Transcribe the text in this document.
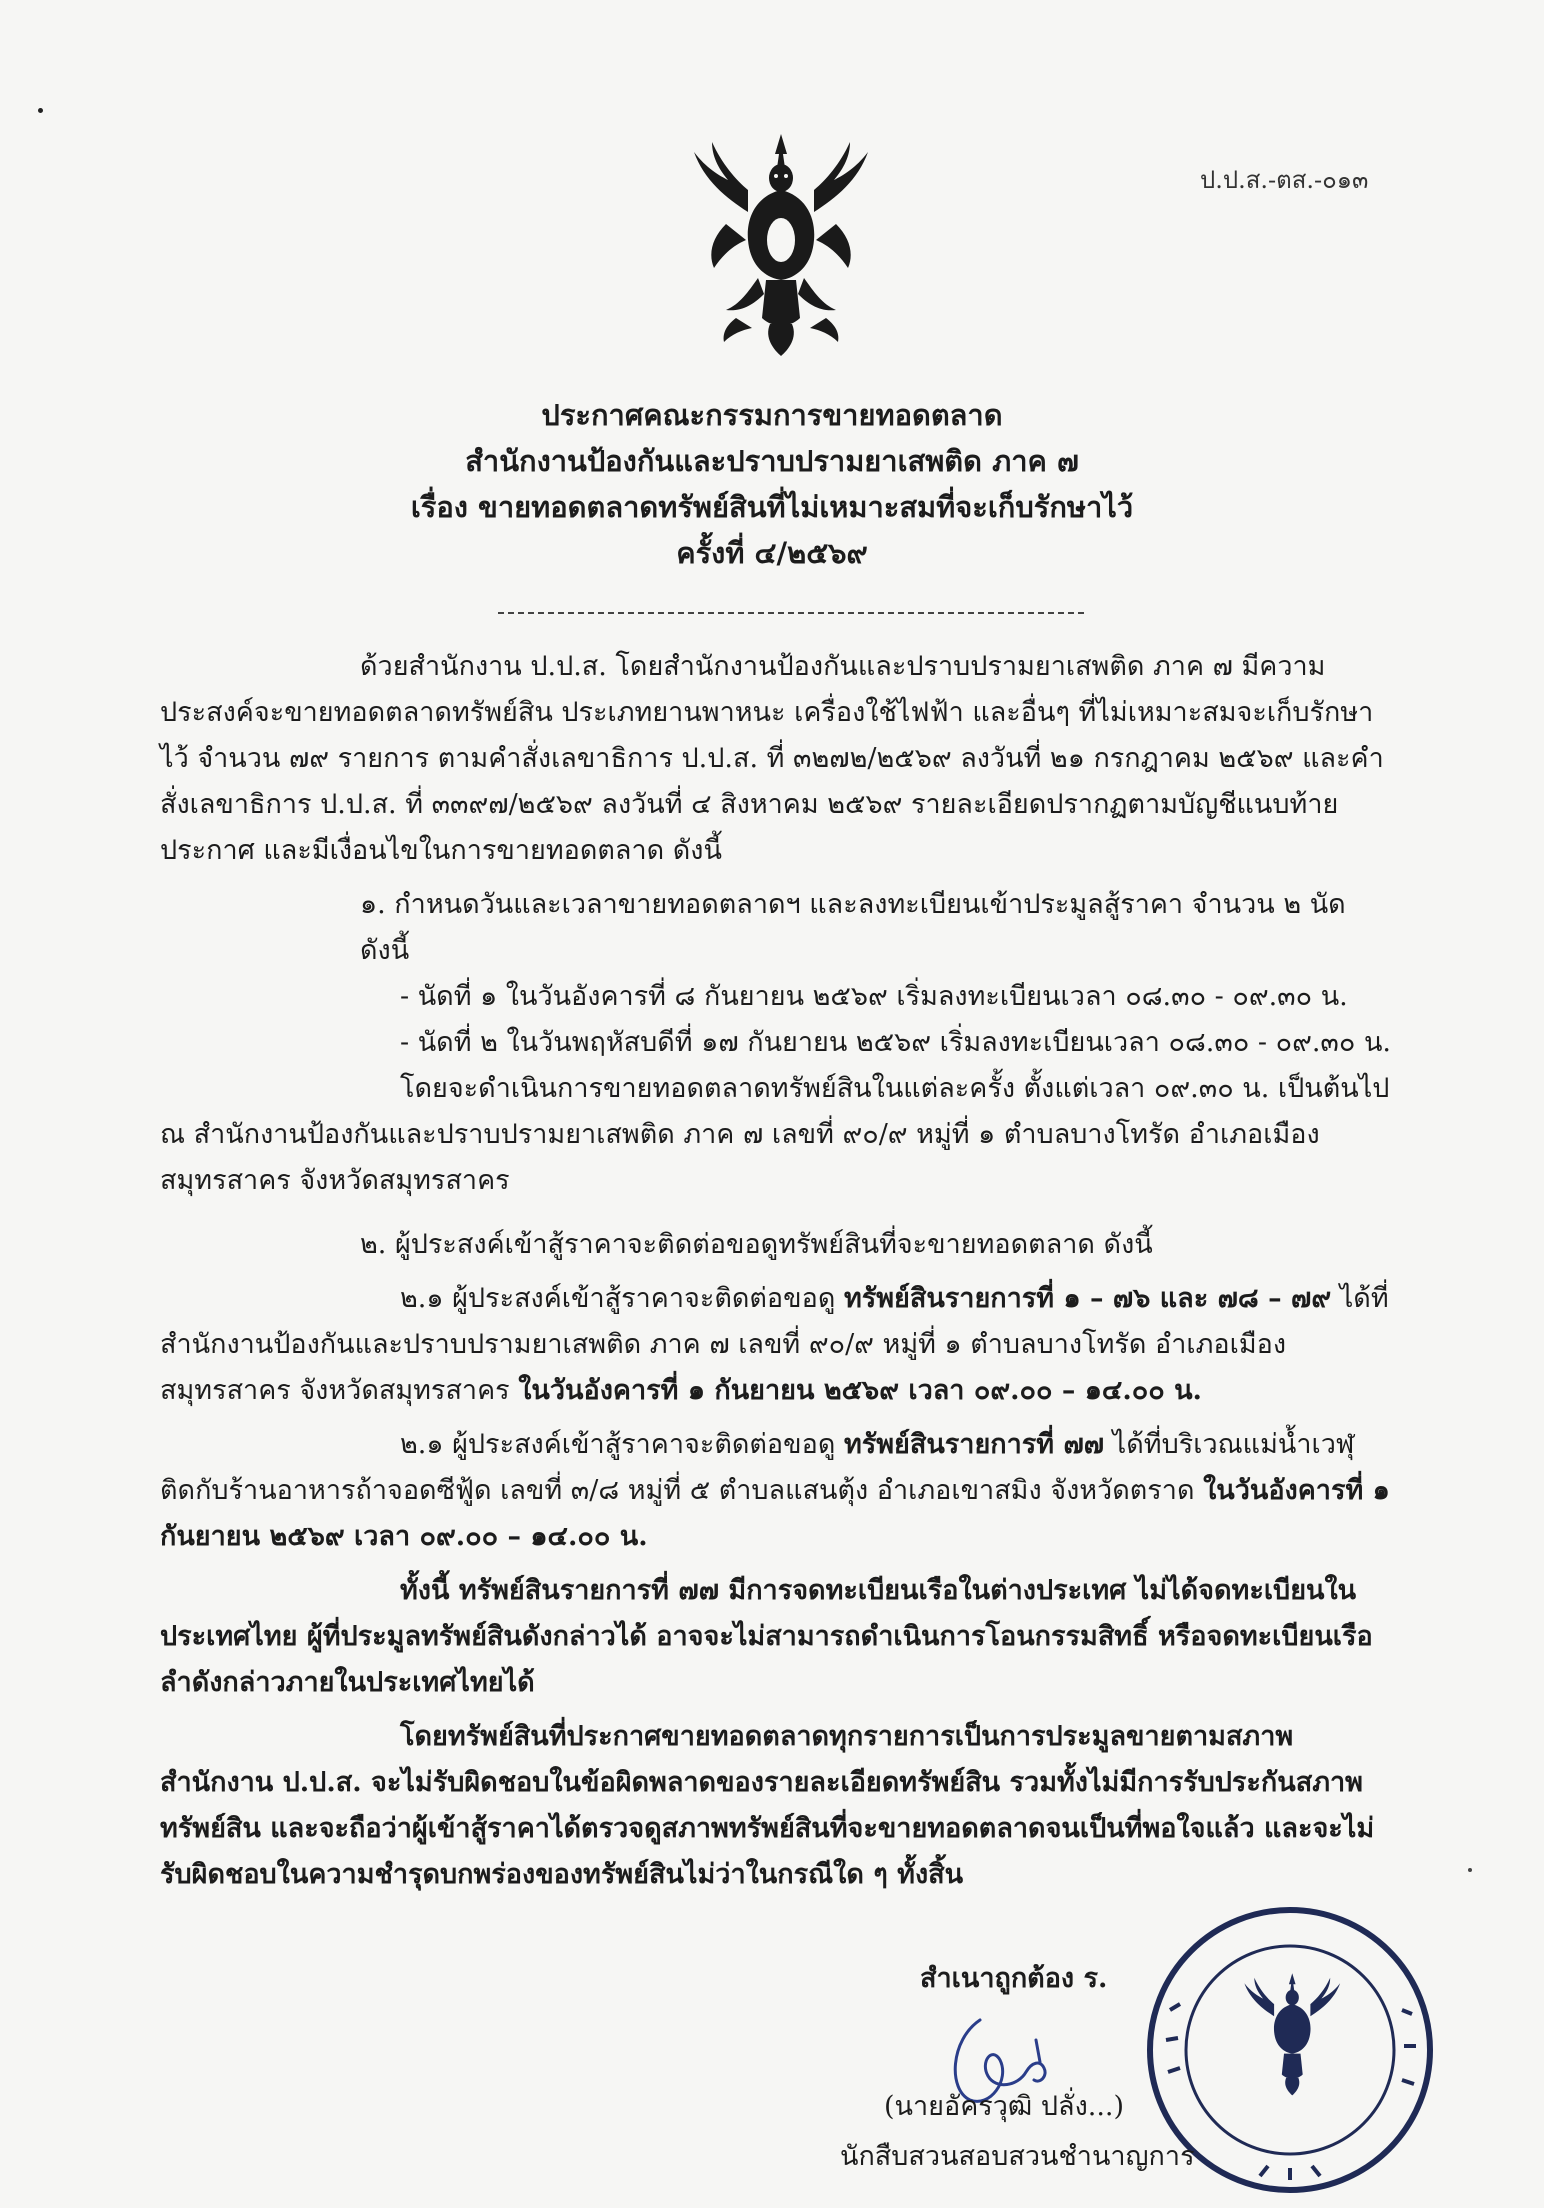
ป.ป.ส.-ตส.-๐๑๓
ประกาศคณะกรรมการขายทอดตลาด
สำนักงานป้องกันและปราบปรามยาเสพติด ภาค ๗
เรื่อง ขายทอดตลาดทรัพย์สินที่ไม่เหมาะสมที่จะเก็บรักษาไว้
ครั้งที่ ๔/๒๕๖๙

ด้วยสำนักงาน ป.ป.ส. โดยสำนักงานป้องกันและปราบปรามยาเสพติด ภาค ๗ มีความประสงค์จะขายทอดตลาดทรัพย์สิน ประเภทยานพาหนะ เครื่องใช้ไฟฟ้า และอื่นๆ ที่ไม่เหมาะสมจะเก็บรักษาไว้ จำนวน ๗๙ รายการ ตามคำสั่งเลขาธิการ ป.ป.ส. ที่ ๓๒๗๒/๒๕๖๙ ลงวันที่ ๒๑ กรกฎาคม ๒๕๖๙ และคำสั่งเลขาธิการ ป.ป.ส. ที่ ๓๓๙๗/๒๕๖๙ ลงวันที่ ๔ สิงหาคม ๒๕๖๙ รายละเอียดปรากฏตามบัญชีแนบท้ายประกาศ และมีเงื่อนไขในการขายทอดตลาด ดังนี้

๑. กำหนดวันและเวลาขายทอดตลาดฯ และลงทะเบียนเข้าประมูลสู้ราคา จำนวน ๒ นัด ดังนี้

- นัดที่ ๑ ในวันอังคารที่ ๘ กันยายน ๒๕๖๙ เริ่มลงทะเบียนเวลา ๐๘.๓๐ - ๐๙.๓๐ น.

- นัดที่ ๒ ในวันพฤหัสบดีที่ ๑๗ กันยายน ๒๕๖๙ เริ่มลงทะเบียนเวลา ๐๘.๓๐ - ๐๙.๓๐ น.

โดยจะดำเนินการขายทอดตลาดทรัพย์สินในแต่ละครั้ง ตั้งแต่เวลา ๐๙.๓๐ น. เป็นต้นไป ณ สำนักงานป้องกันและปราบปรามยาเสพติด ภาค ๗ เลขที่ ๙๐/๙ หมู่ที่ ๑ ตำบลบางโทรัด อำเภอเมืองสมุทรสาคร จังหวัดสมุทรสาคร

๒. ผู้ประสงค์เข้าสู้ราคาจะติดต่อขอดูทรัพย์สินที่จะขายทอดตลาด ดังนี้

๒.๑ ผู้ประสงค์เข้าสู้ราคาจะติดต่อขอดู ทรัพย์สินรายการที่ ๑ – ๗๖ และ ๗๘ – ๗๙ ได้ที่สำนักงานป้องกันและปราบปรามยาเสพติด ภาค ๗ เลขที่ ๙๐/๙ หมู่ที่ ๑ ตำบลบางโทรัด อำเภอเมืองสมุทรสาคร จังหวัดสมุทรสาคร ในวันอังคารที่ ๑ กันยายน ๒๕๖๙ เวลา ๐๙.๐๐ – ๑๔.๐๐ น.

๒.๑ ผู้ประสงค์เข้าสู้ราคาจะติดต่อขอดู ทรัพย์สินรายการที่ ๗๗ ได้ที่บริเวณแม่น้ำเวฬุ ติดกับร้านอาหารถ้าจอดซีฟู้ด เลขที่ ๓/๘ หมู่ที่ ๕ ตำบลแสนตุ้ง อำเภอเขาสมิง จังหวัดตราด ในวันอังคารที่ ๑ กันยายน ๒๕๖๙ เวลา ๐๙.๐๐ – ๑๔.๐๐ น.

ทั้งนี้ ทรัพย์สินรายการที่ ๗๗ มีการจดทะเบียนเรือในต่างประเทศ ไม่ได้จดทะเบียนในประเทศไทย ผู้ที่ประมูลทรัพย์สินดังกล่าวได้ อาจจะไม่สามารถดำเนินการโอนกรรมสิทธิ์ หรือจดทะเบียนเรือลำดังกล่าวภายในประเทศไทยได้

โดยทรัพย์สินที่ประกาศขายทอดตลาดทุกรายการเป็นการประมูลขายตามสภาพ สำนักงาน ป.ป.ส. จะไม่รับผิดชอบในข้อผิดพลาดของรายละเอียดทรัพย์สิน รวมทั้งไม่มีการรับประกันสภาพทรัพย์สิน และจะถือว่าผู้เข้าสู้ราคาได้ตรวจดูสภาพทรัพย์สินที่จะขายทอดตลาดจนเป็นที่พอใจแล้ว และจะไม่รับผิดชอบในความชำรุดบกพร่องของทรัพย์สินไม่ว่าในกรณีใด ๆ ทั้งสิ้น

สำเนาถูกต้อง ร.
(นายอัครวุฒิ ปลั่ง...)
นักสืบสวนสอบสวนชำนาญการ
